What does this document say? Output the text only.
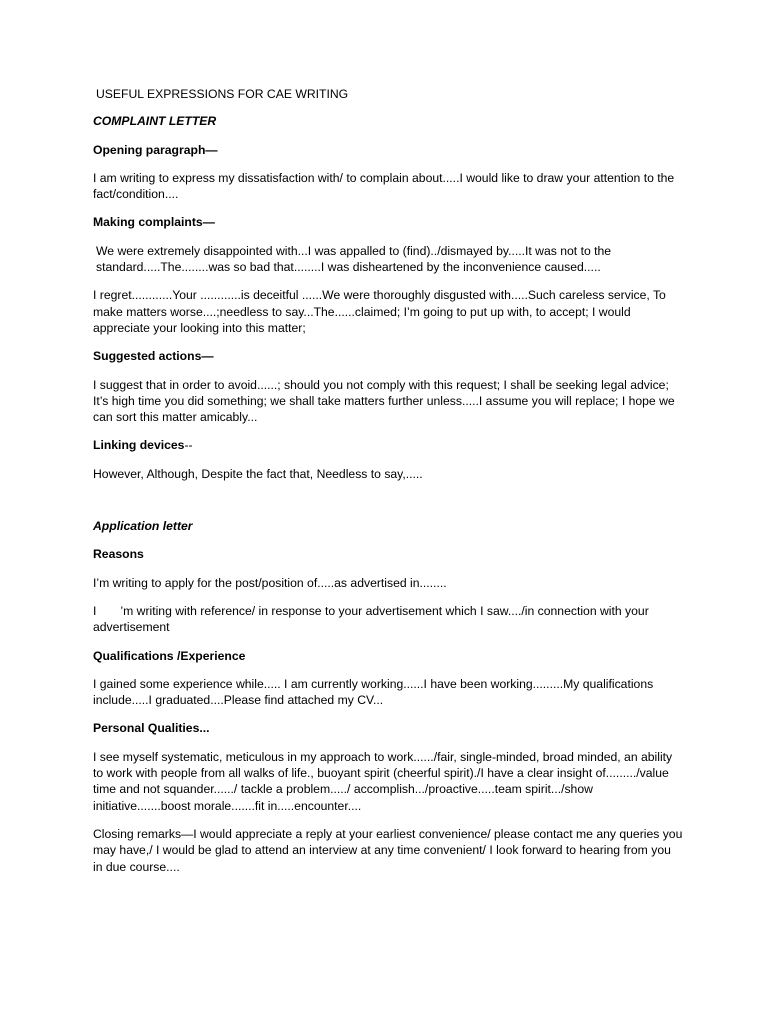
USEFUL EXPRESSIONS FOR CAE WRITING
COMPLAINT LETTER
Opening paragraph—
I am writing to express my dissatisfaction with/ to complain about.....I would like to draw your attention to the fact/condition....
Making complaints—
We were extremely disappointed with...I was appalled to (find)../dismayed by.....It was not to the standard.....The........was so bad that........I was disheartened by the inconvenience caused.....
I regret............Your ............is deceitful ......We were thoroughly disgusted with.....Such careless service, To make matters worse....;needless to say...The......claimed; I’m going to put up with, to accept; I would appreciate your looking into this matter;
Suggested actions—
I suggest that in order to avoid......; should you not comply with this request; I shall be seeking legal advice; It’s high time you did something; we shall take matters further unless.....I assume you will replace; I hope we can sort this matter amicably...
Linking devices--
However, Although, Despite the fact that, Needless to say,.....
Application letter
Reasons
I’m writing to apply for the post/position of.....as advertised in........
I ’m writing with reference/ in response to your advertisement which I saw..../in connection with your advertisement
Qualifications /Experience
I gained some experience while..... I am currently working......I have been working.........My qualifications include.....I graduated....Please find attached my CV...
Personal Qualities...
I see myself systematic, meticulous in my approach to work....../fair, single-minded, broad minded, an ability to work with people from all walks of life., buoyant spirit (cheerful spirit)./I have a clear insight of........./value time and not squander....../ tackle a problem...../ accomplish.../proactive.....team spirit.../show initiative.......boost morale.......fit in.....encounter....
Closing remarks—I would appreciate a reply at your earliest convenience/ please contact me any queries you may have,/ I would be glad to attend an interview at any time convenient/ I look forward to hearing from you in due course....
